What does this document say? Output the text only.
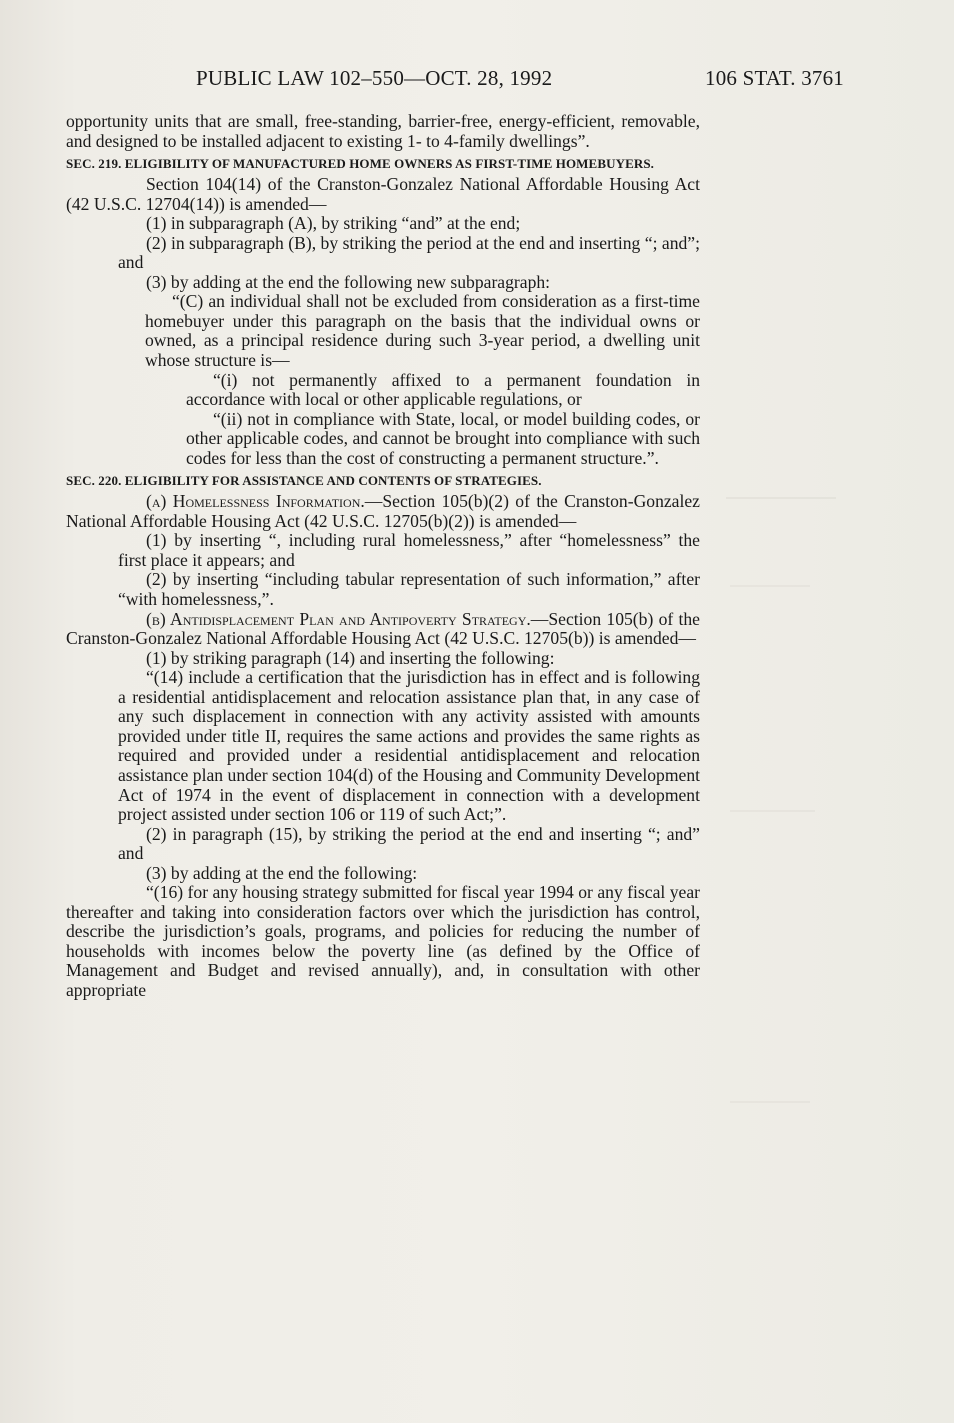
PUBLIC LAW 102–550—OCT. 28, 1992	106 STAT. 3761

opportunity units that are small, free-standing, barrier-free, energy-efficient, removable, and designed to be installed adjacent to existing 1- to 4-family dwellings”.

SEC. 219. ELIGIBILITY OF MANUFACTURED HOME OWNERS AS FIRST-TIME HOMEBUYERS.

Section 104(14) of the Cranston-Gonzalez National Affordable Housing Act (42 U.S.C. 12704(14)) is amended—

(1) in subparagraph (A), by striking “and” at the end;

(2) in subparagraph (B), by striking the period at the end and inserting “; and”; and

(3) by adding at the end the following new subparagraph:

“(C) an individual shall not be excluded from consideration as a first-time homebuyer under this paragraph on the basis that the individual owns or owned, as a principal residence during such 3-year period, a dwelling unit whose structure is—

“(i) not permanently affixed to a permanent foundation in accordance with local or other applicable regulations, or

“(ii) not in compliance with State, local, or model building codes, or other applicable codes, and cannot be brought into compliance with such codes for less than the cost of constructing a permanent structure.”.

SEC. 220. ELIGIBILITY FOR ASSISTANCE AND CONTENTS OF STRATEGIES.

(a) Homelessness Information.—Section 105(b)(2) of the Cranston-Gonzalez National Affordable Housing Act (42 U.S.C. 12705(b)(2)) is amended—

(1) by inserting “, including rural homelessness,” after “homelessness” the first place it appears; and

(2) by inserting “including tabular representation of such information,” after “with homelessness,”.

(b) Antidisplacement Plan and Antipoverty Strategy.—Section 105(b) of the Cranston-Gonzalez National Affordable Housing Act (42 U.S.C. 12705(b)) is amended—

(1) by striking paragraph (14) and inserting the following:

“(14) include a certification that the jurisdiction has in effect and is following a residential antidisplacement and relocation assistance plan that, in any case of any such displacement in connection with any activity assisted with amounts provided under title II, requires the same actions and provides the same rights as required and provided under a residential antidisplacement and relocation assistance plan under section 104(d) of the Housing and Community Development Act of 1974 in the event of displacement in connection with a development project assisted under section 106 or 119 of such Act;”.

(2) in paragraph (15), by striking the period at the end and inserting “; and” and

(3) by adding at the end the following:

“(16) for any housing strategy submitted for fiscal year 1994 or any fiscal year thereafter and taking into consideration factors over which the jurisdiction has control, describe the jurisdiction’s goals, programs, and policies for reducing the number of households with incomes below the poverty line (as defined by the Office of Management and Budget and revised annually), and, in consultation with other appropriate
